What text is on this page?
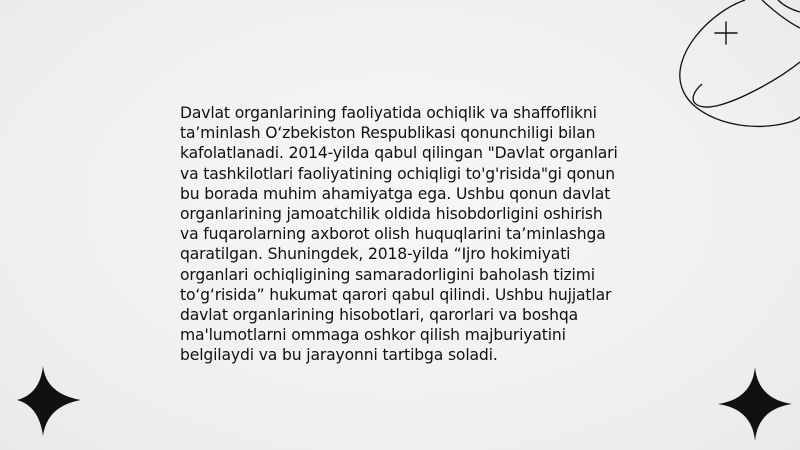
Davlat organlarining faoliyatida ochiqlik va shaffoflikni ta’minlash O‘zbekiston Respublikasi qonunchiligi bilan kafolatlanadi. 2014-yilda qabul qilingan "Davlat organlari va tashkilotlari faoliyatining ochiqligi to'g'risida"gi qonun bu borada muhim ahamiyatga ega. Ushbu qonun davlat organlarining jamoatchilik oldida hisobdorligini oshirish va fuqarolarning axborot olish huquqlarini ta’minlashga qaratilgan. Shuningdek, 2018-yilda “Ijro hokimiyati organlari ochiqligining samaradorligini baholash tizimi to‘g‘risida” hukumat qarori qabul qilindi. Ushbu hujjatlar davlat organlarining hisobotlari, qarorlari va boshqa ma'lumotlarni ommaga oshkor qilish majburiyatini belgilaydi va bu jarayonni tartibga soladi.
